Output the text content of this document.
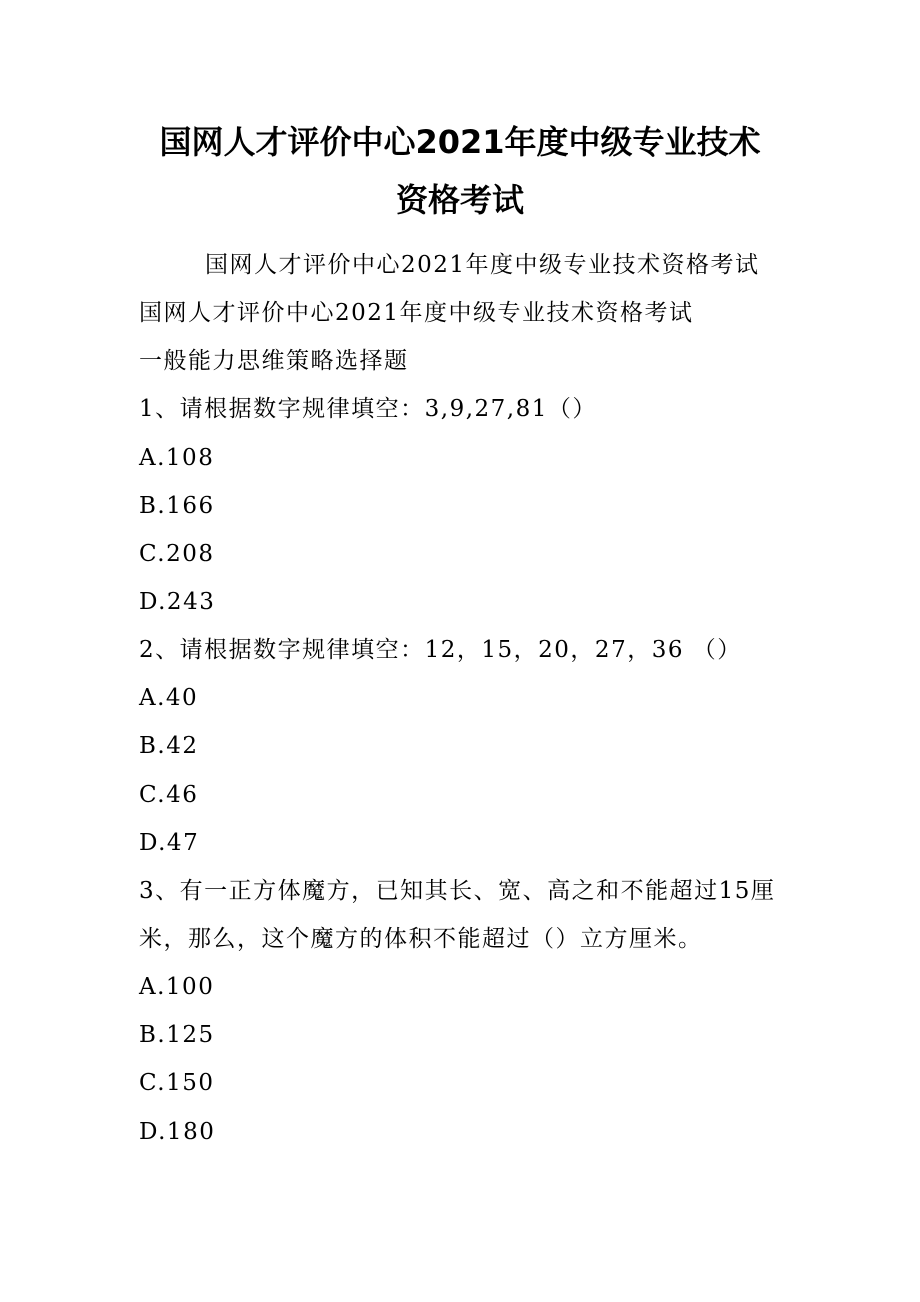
国网人才评价中心2021年度中级专业技术
资格考试
国网人才评价中心2021年度中级专业技术资格考试
国网人才评价中心2021年度中级专业技术资格考试
一般能力思维策略选择题
1、请根据数字规律填空：3,9,27,81（）
A.108
B.166
C.208
D.243
2、请根据数字规律填空：12，15，20，27，36 （）
A.40
B.42
C.46
D.47
3、有一正方体魔方，已知其长、宽、高之和不能超过15厘
米，那么，这个魔方的体积不能超过（）立方厘米。
A.100
B.125
C.150
D.180
